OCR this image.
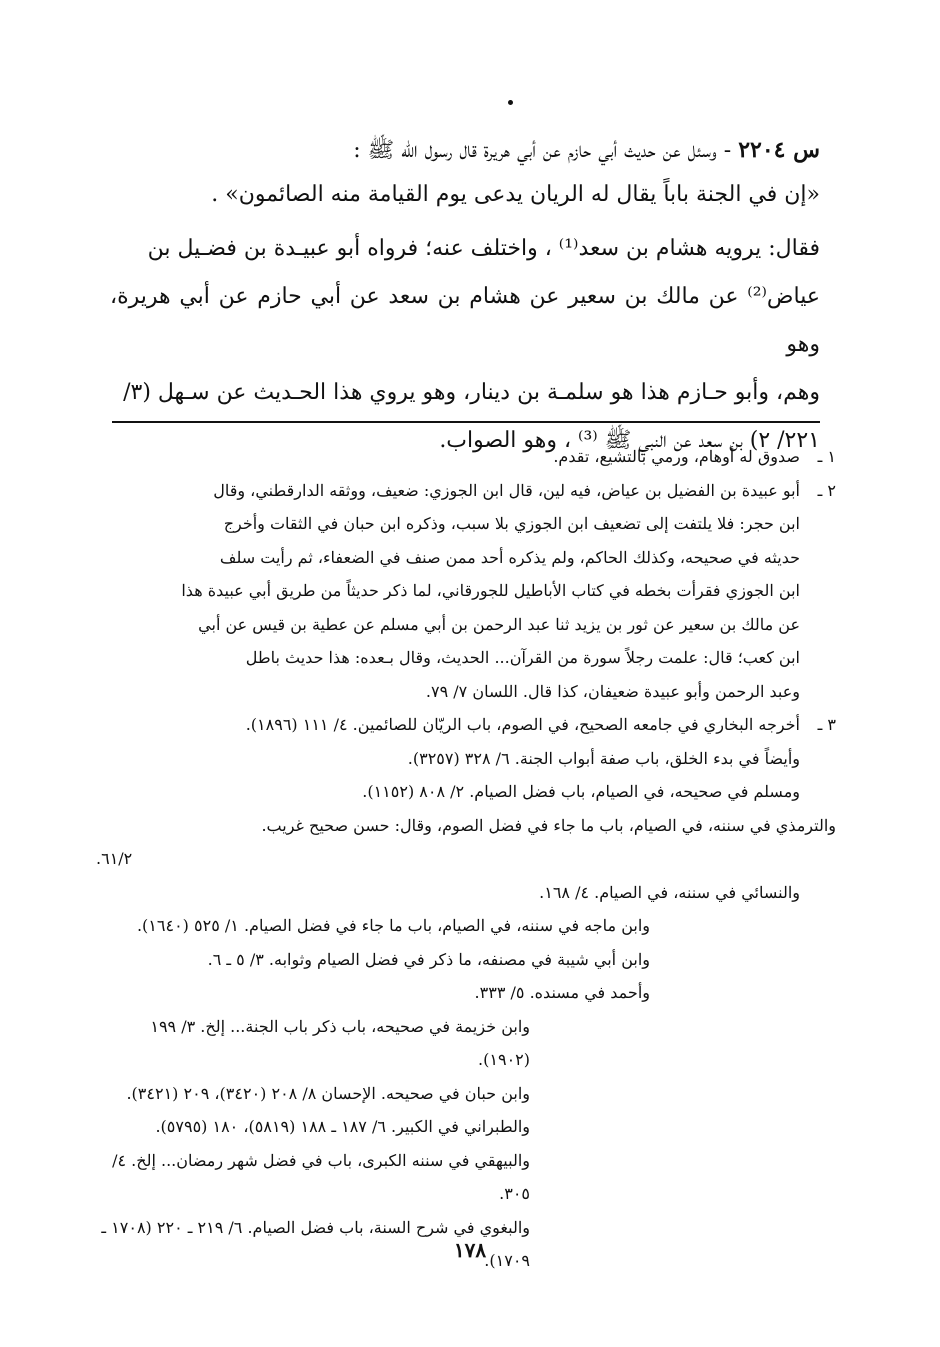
س ٢٢٠٤ - وسئل عن حديث أبي حازم عن أبي هريرة قال رسول الله ﷺ :

«إن في الجنة باباً يقال له الريان يدعى يوم القيامة منه الصائمون» .

فقال: يرويه هشام بن سعد⁽¹⁾ ، واختلف عنه؛ فرواه أبو عبيـدة بن فضـيل بن
عياض⁽²⁾ عن مالك بن سعير عن هشام بن سعد عن أبي حازم عن أبي هريرة، وهو
وهم، وأبو حـازم هذا هو سلمـة بن دينار، وهو يروي هذا الحـديث عن سـهل (٣/
٢٢١/ ٢) بن سعد عن النبي ﷺ ⁽³⁾ ، وهو الصواب.

١ ـ
صدوق له أوهام، ورمي بالتشيع، تقدم.
٢ ـ
أبو عبيدة بن الفضيل بن عياض، فيه لين، قال ابن الجوزي: ضعيف، ووثقه الدارقطني، وقال
ابن حجر: فلا يلتفت إلى تضعيف ابن الجوزي بلا سبب، وذكره ابن حبان في الثقات وأخرج
حديثه في صحيحه، وكذلك الحاكم، ولم يذكره أحد ممن صنف في الضعفاء، ثم رأيت سلف
ابن الجوزي فقرأت بخطه في كتاب الأباطيل للجورقاني، لما ذكر حديثاً من طريق أبي عبيدة هذا
عن مالك بن سعير عن ثور بن يزيد ثنا عبد الرحمن بن أبي مسلم عن عطية بن قيس عن أبي
ابن كعب؛ قال: علمت رجلاً سورة من القرآن... الحديث، وقال بـعده: هذا حديث باطل
وعبد الرحمن وأبو عبيدة ضعيفان، كذا قال. اللسان ٧/ ٧٩.
٣ ـ
أخرجه البخاري في جامعه الصحيح، في الصوم، باب الريّان للصائمين. ٤/ ١١١ (١٨٩٦).
وأيضاً في بدء الخلق، باب صفة أبواب الجنة. ٦/ ٣٢٨ (٣٢٥٧).
ومسلم في صحيحه، في الصيام، باب فضل الصيام. ٢/ ٨٠٨ (١١٥٢).
والترمذي في سننه، في الصيام، باب ما جاء في فضل الصوم، وقال: حسن صحيح غريب.
٦١/٢.
والنسائي في سننه، في الصيام. ٤/ ١٦٨.
وابن ماجه في سننه، في الصيام، باب ما جاء في فضل الصيام. ١/ ٥٢٥ (١٦٤٠).
وابن أبي شيبة في مصنفه، ما ذكر في فضل الصيام وثوابه. ٣/ ٥ ـ ٦.
وأحمد في مسنده. ٥/ ٣٣٣.
وابن خزيمة في صحيحه، باب ذكر باب الجنة... إلخ. ٣/ ١٩٩ (١٩٠٢).
وابن حبان في صحيحه. الإحسان ٨/ ٢٠٨ (٣٤٢٠)، ٢٠٩ (٣٤٢١).
والطبراني في الكبير. ٦/ ١٨٧ ـ ١٨٨ (٥٨١٩)، ١٨٠ (٥٧٩٥).
والبيهقي في سننه الكبرى، باب في فضل شهر رمضان... إلخ. ٤/ ٣٠٥.
والبغوي في شرح السنة، باب فضل الصيام. ٦/ ٢١٩ ـ ٢٢٠ (١٧٠٨ ـ ١٧٠٩).
١٧٨
